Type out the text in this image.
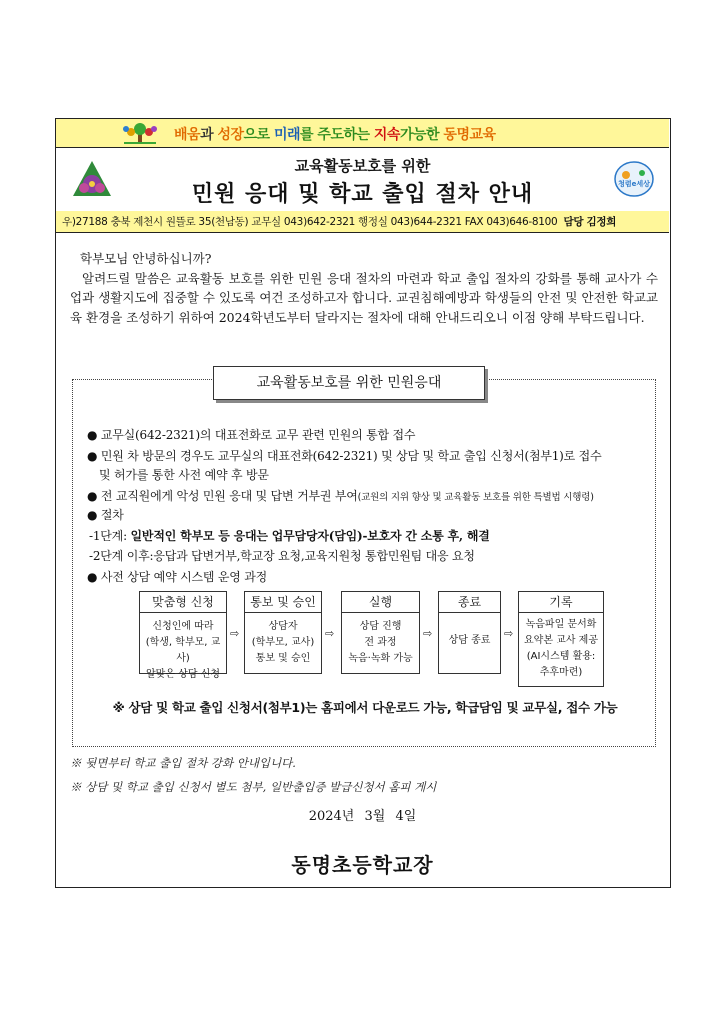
배움과 성장으로 미래를 주도하는 지속가능한 동명교육
교육활동보호를 위한
민원 응대 및 학교 출입 절차 안내	청렴e세상
우)27188 충북 제천시 원뜰로 35(천남동) 교무실 043)642-2321 행정실 043)644-2321 FAX 043)646-8100 담당 김정희
학부모님 안녕하십니까?
알려드릴 말씀은 교육활동 보호를 위한 민원 응대 절차의 마련과 학교 출입 절차의 강화를 통해 교사가 수업과 생활지도에 집중할 수 있도록 여건 조성하고자 합니다. 교권침해예방과 학생들의 안전 및 안전한 학교교육 환경을 조성하기 위하여 2024학년도부터 달라지는 절차에 대해 안내드리오니 이점 양해 부탁드립니다.
교육활동보호를 위한 민원응대
● 교무실(642-2321)의 대표전화로 교무 관련 민원의 통합 접수
● 민원 차 방문의 경우도 교무실의 대표전화(642-2321) 및 상담 및 학교 출입 신청서(첨부1)로 접수
및 허가를 통한 사전 예약 후 방문
● 전 교직원에게 악성 민원 응대 및 답변 거부권 부여(교원의 지위 향상 및 교육활동 보호를 위한 특별법 시행령)
● 절차
-1단계: 일반적인 학부모 등 응대는 업무담당자(담임)-보호자 간 소통 후, 해결
-2단계 이후:응답과 답변거부,학교장 요청,교육지원청 통합민원팀 대응 요청
● 사전 상담 예약 시스템 운영 과정
맞춤형 신청
신청인에 따라
(학생, 학부모, 교사)
알맞은 상담 신청
⇨
통보 및 승인
상담자
(학부모, 교사)
통보 및 승인
⇨
실행
상담 진행
전 과정
녹음·녹화 가능
⇨
종료
상담 종료
⇨
기록
녹음파일 문서화
요약본 교사 제공
(AI시스템 활용:
추후마련)
※ 상담 및 학교 출입 신청서(첨부1)는 홈피에서 다운로드 가능, 학급담임 및 교무실, 접수 가능
※ 뒷면부터 학교 출입 절차 강화 안내입니다.
※ 상담 및 학교 출입 신청서 별도 첨부, 일반출입증 발급신청서 홈피 게시
2024년 3월 4일
동명초등학교장
